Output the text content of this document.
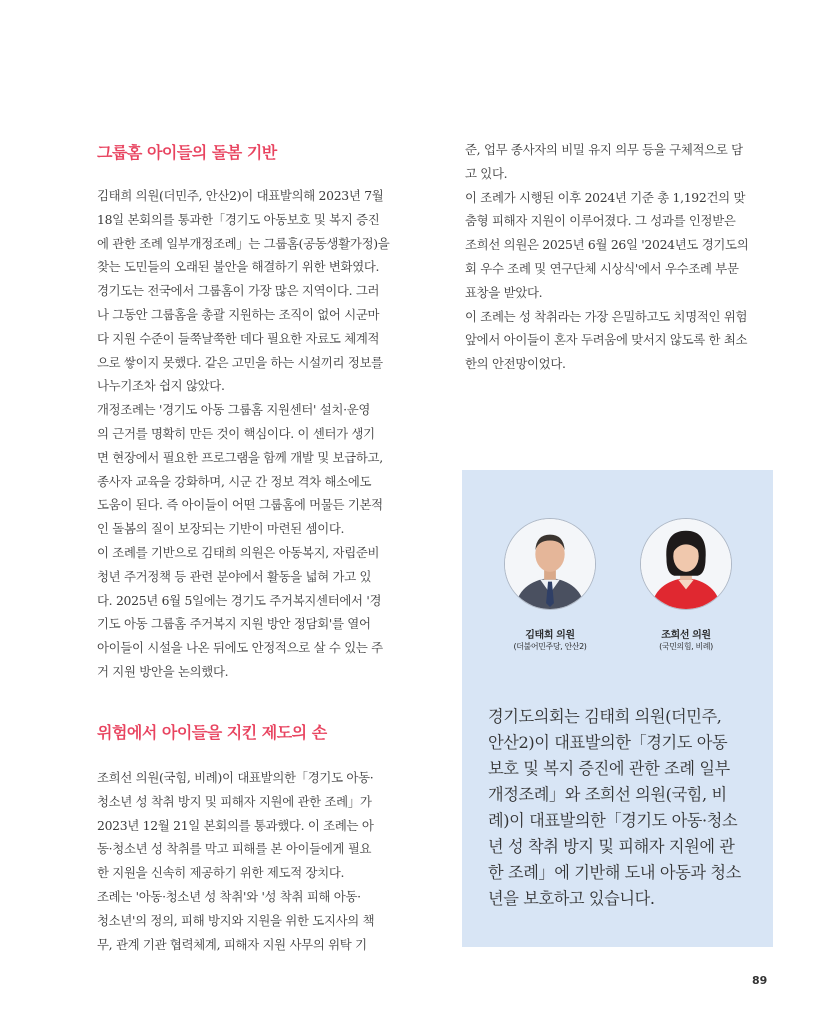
그룹홈 아이들의 돌봄 기반

김태희 의원(더민주, 안산2)이 대표발의해 2023년 7월

18일 본회의를 통과한「경기도 아동보호 및 복지 증진

에 관한 조례 일부개정조례」는 그룹홈(공동생활가정)을

찾는 도민들의 오래된 불안을 해결하기 위한 변화였다.

경기도는 전국에서 그룹홈이 가장 많은 지역이다. 그러

나 그동안 그룹홈을 총괄 지원하는 조직이 없어 시군마

다 지원 수준이 들쭉날쭉한 데다 필요한 자료도 체계적

으로 쌓이지 못했다. 같은 고민을 하는 시설끼리 정보를

나누기조차 쉽지 않았다.

개정조례는 '경기도 아동 그룹홈 지원센터' 설치·운영

의 근거를 명확히 만든 것이 핵심이다. 이 센터가 생기

면 현장에서 필요한 프로그램을 함께 개발 및 보급하고,

종사자 교육을 강화하며, 시군 간 정보 격차 해소에도

도움이 된다. 즉 아이들이 어떤 그룹홈에 머물든 기본적

인 돌봄의 질이 보장되는 기반이 마련된 셈이다.

이 조례를 기반으로 김태희 의원은 아동복지, 자립준비

청년 주거정책 등 관련 분야에서 활동을 넓혀 가고 있

다. 2025년 6월 5일에는 경기도 주거복지센터에서 '경

기도 아동 그룹홈 주거복지 지원 방안 정담회'를 열어

아이들이 시설을 나온 뒤에도 안정적으로 살 수 있는 주

거 지원 방안을 논의했다.

위험에서 아이들을 지킨 제도의 손

조희선 의원(국힘, 비례)이 대표발의한「경기도 아동·

청소년 성 착취 방지 및 피해자 지원에 관한 조례」가

2023년 12월 21일 본회의를 통과했다. 이 조례는 아

동·청소년 성 착취를 막고 피해를 본 아이들에게 필요

한 지원을 신속히 제공하기 위한 제도적 장치다.

조례는 '아동·청소년 성 착취'와 '성 착취 피해 아동·

청소년'의 정의, 피해 방지와 지원을 위한 도지사의 책

무, 관계 기관 협력체계, 피해자 지원 사무의 위탁 기

준, 업무 종사자의 비밀 유지 의무 등을 구체적으로 담

고 있다.

이 조례가 시행된 이후 2024년 기준 총 1,192건의 맞

춤형 피해자 지원이 이루어졌다. 그 성과를 인정받은

조희선 의원은 2025년 6월 26일 '2024년도 경기도의

회 우수 조례 및 연구단체 시상식'에서 우수조례 부문

표창을 받았다.

이 조례는 성 착취라는 가장 은밀하고도 치명적인 위험

앞에서 아이들이 혼자 두려움에 맞서지 않도록 한 최소

한의 안전망이었다.

김태희 의원
(더불어민주당, 안산2)
조희선 의원
(국민의힘, 비례)

경기도의회는 김태희 의원(더민주,

안산2)이 대표발의한「경기도 아동

보호 및 복지 증진에 관한 조례 일부

개정조례」와 조희선 의원(국힘, 비

례)이 대표발의한「경기도 아동·청소

년 성 착취 방지 및 피해자 지원에 관

한 조례」에 기반해 도내 아동과 청소

년을 보호하고 있습니다.

89
